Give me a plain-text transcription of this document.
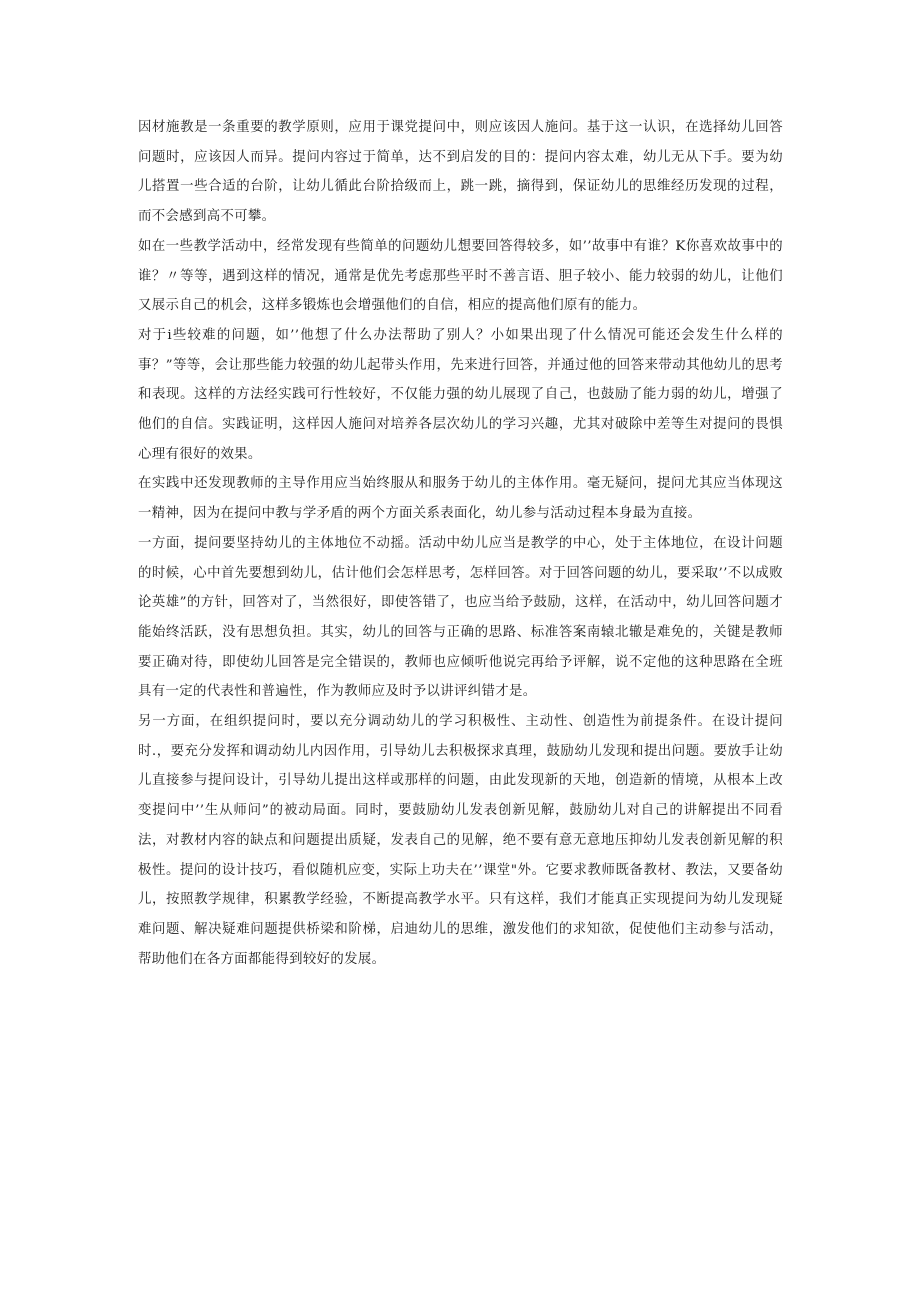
因材施教是一条重要的教学原则，应用于课党提问中，则应该因人施问。基于这一认识，在选择幼儿回答问题时，应该因人而异。提问内容过于简单，达不到启发的目的：提问内容太难，幼儿无从下手。要为幼儿搭置一些合适的台阶，让幼儿循此台阶拾级而上，跳一跳，摘得到，保证幼儿的思维经历发现的过程，而不会感到高不可攀。

如在一些教学活动中，经常发现有些简单的问题幼儿想要回答得较多，如’’故事中有谁？K你喜欢故事中的谁？〃等等，遇到这样的情况，通常是优先考虑那些平时不善言语、胆子较小、能力较弱的幼儿，让他们又展示自己的机会，这样多锻炼也会增强他们的自信，相应的提高他们原有的能力。

对于i些较难的问题，如’’他想了什么办法帮助了别人？小如果出现了什么情况可能还会发生什么样的事？”等等，会让那些能力较强的幼儿起带头作用，先来进行回答，并通过他的回答来带动其他幼儿的思考和表现。这样的方法经实践可行性较好，不仅能力强的幼儿展现了自己，也鼓励了能力弱的幼儿，增强了他们的自信。实践证明，这样因人施问对培养各层次幼儿的学习兴趣，尤其对破除中差等生对提问的畏惧心理有很好的效果。

在实践中还发现教师的主导作用应当始终服从和服务于幼儿的主体作用。毫无疑问，提问尤其应当体现这一精神，因为在提问中教与学矛盾的两个方面关系表面化，幼儿参与活动过程本身最为直接。

一方面，提问要坚持幼儿的主体地位不动摇。活动中幼儿应当是教学的中心，处于主体地位，在设计问题的时候，心中首先要想到幼儿，估计他们会怎样思考，怎样回答。对于回答问题的幼儿，要采取’’不以成败论英雄”的方针，回答对了，当然很好，即使答错了，也应当给予鼓励，这样，在活动中，幼儿回答问题才能始终活跃，没有思想负担。其实，幼儿的回答与正确的思路、标准答案南辕北辙是难免的，关键是教师要正确对待，即使幼儿回答是完全错误的，教师也应倾听他说完再给予评解，说不定他的这种思路在全班具有一定的代表性和普遍性，作为教师应及时予以讲评纠错才是。

另一方面，在组织提问时，要以充分调动幼儿的学习积极性、主动性、创造性为前提条件。在设计提问时.，要充分发挥和调动幼儿内因作用，引导幼儿去积极探求真理，鼓励幼儿发现和提出问题。要放手让幼儿直接参与提问设计，引导幼儿提出这样或那样的问题，由此发现新的天地，创造新的情境，从根本上改变提问中’’生从师问”的被动局面。同时，要鼓励幼儿发表创新见解，鼓励幼儿对自己的讲解提出不同看法，对教材内容的缺点和问题提出质疑，发表自己的见解，绝不要有意无意地压抑幼儿发表创新见解的积极性。提问的设计技巧，看似随机应变，实际上功夫在’’课堂"外。它要求教师既备教材、教法，又要备幼儿，按照教学规律，积累教学经验，不断提高教学水平。只有这样，我们才能真正实现提问为幼儿发现疑难问题、解决疑难问题提供桥梁和阶梯，启迪幼儿的思维，激发他们的求知欲，促使他们主动参与活动，帮助他们在各方面都能得到较好的发展。
